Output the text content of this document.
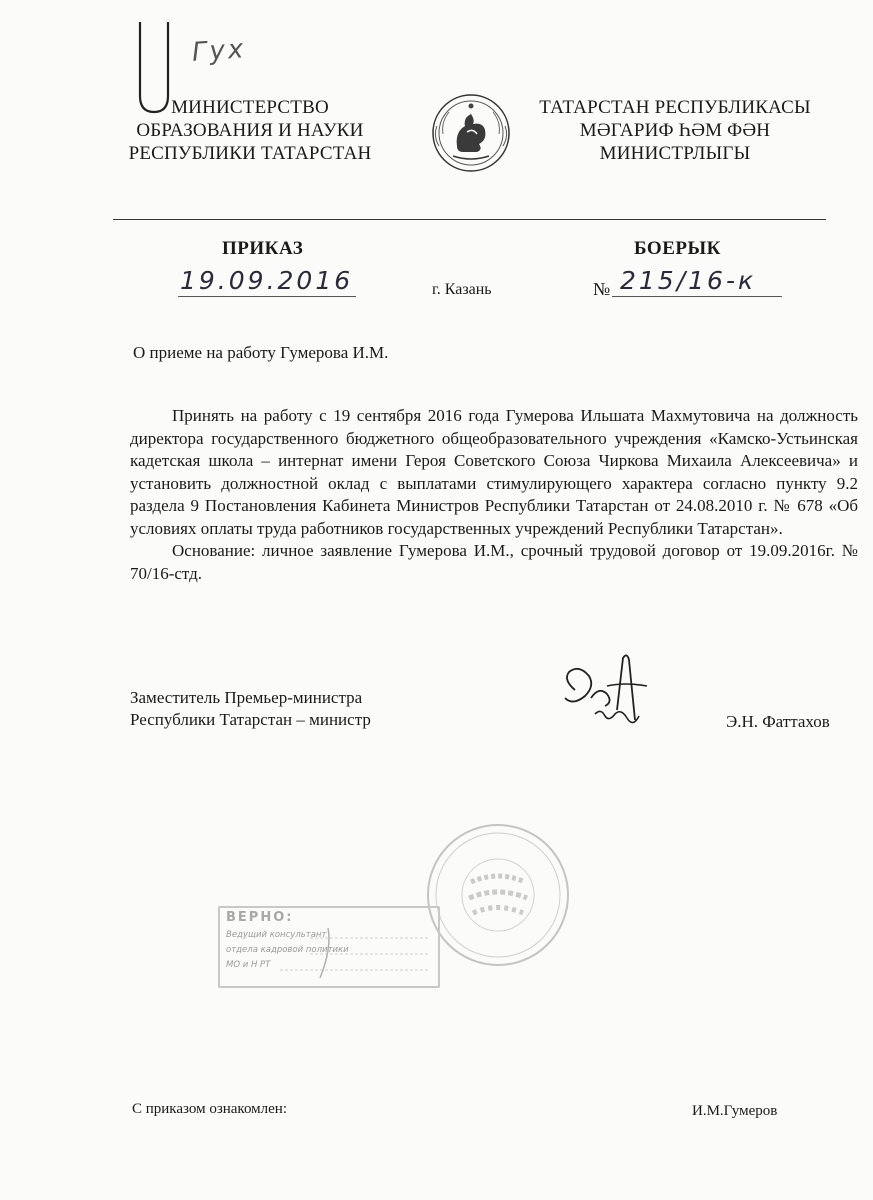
Гух
МИНИСТЕРСТВО
ОБРАЗОВАНИЯ И НАУКИ
РЕСПУБЛИКИ ТАТАРСТАН
ТАТАРСТАН РЕСПУБЛИКАСЫ
МӘГАРИФ ҺӘМ ФӘН
МИНИСТРЛЫГЫ
ПРИКАЗ	БОЕРЫК
19.09.2016	г. Казань	№ 215/16-к
О приеме на работу Гумерова И.М.

Принять на работу с 19 сентября 2016 года Гумерова Ильшата Махмутовича на должность директора государственного бюджетного общеобразовательного учреждения «Камско-Устьинская кадетская школа – интернат имени Героя Советского Союза Чиркова Михаила Алексеевича» и установить должностной оклад с выплатами стимулирующего характера согласно пункту 9.2 раздела 9 Постановления Кабинета Министров Республики Татарстан от 24.08.2010 г. № 678 «Об условиях оплаты труда работников государственных учреждений Республики Татарстан».

Основание: личное заявление Гумерова И.М., срочный трудовой договор от 19.09.2016г. № 70/16-стд.

Заместитель Премьер-министра
Республики Татарстан – министр	Э.Н. Фаттахов
ВЕРНО:
Ведущий консультант
отдела кадровой политики
МО и Н РТ
С приказом ознакомлен:	И.М.Гумеров
